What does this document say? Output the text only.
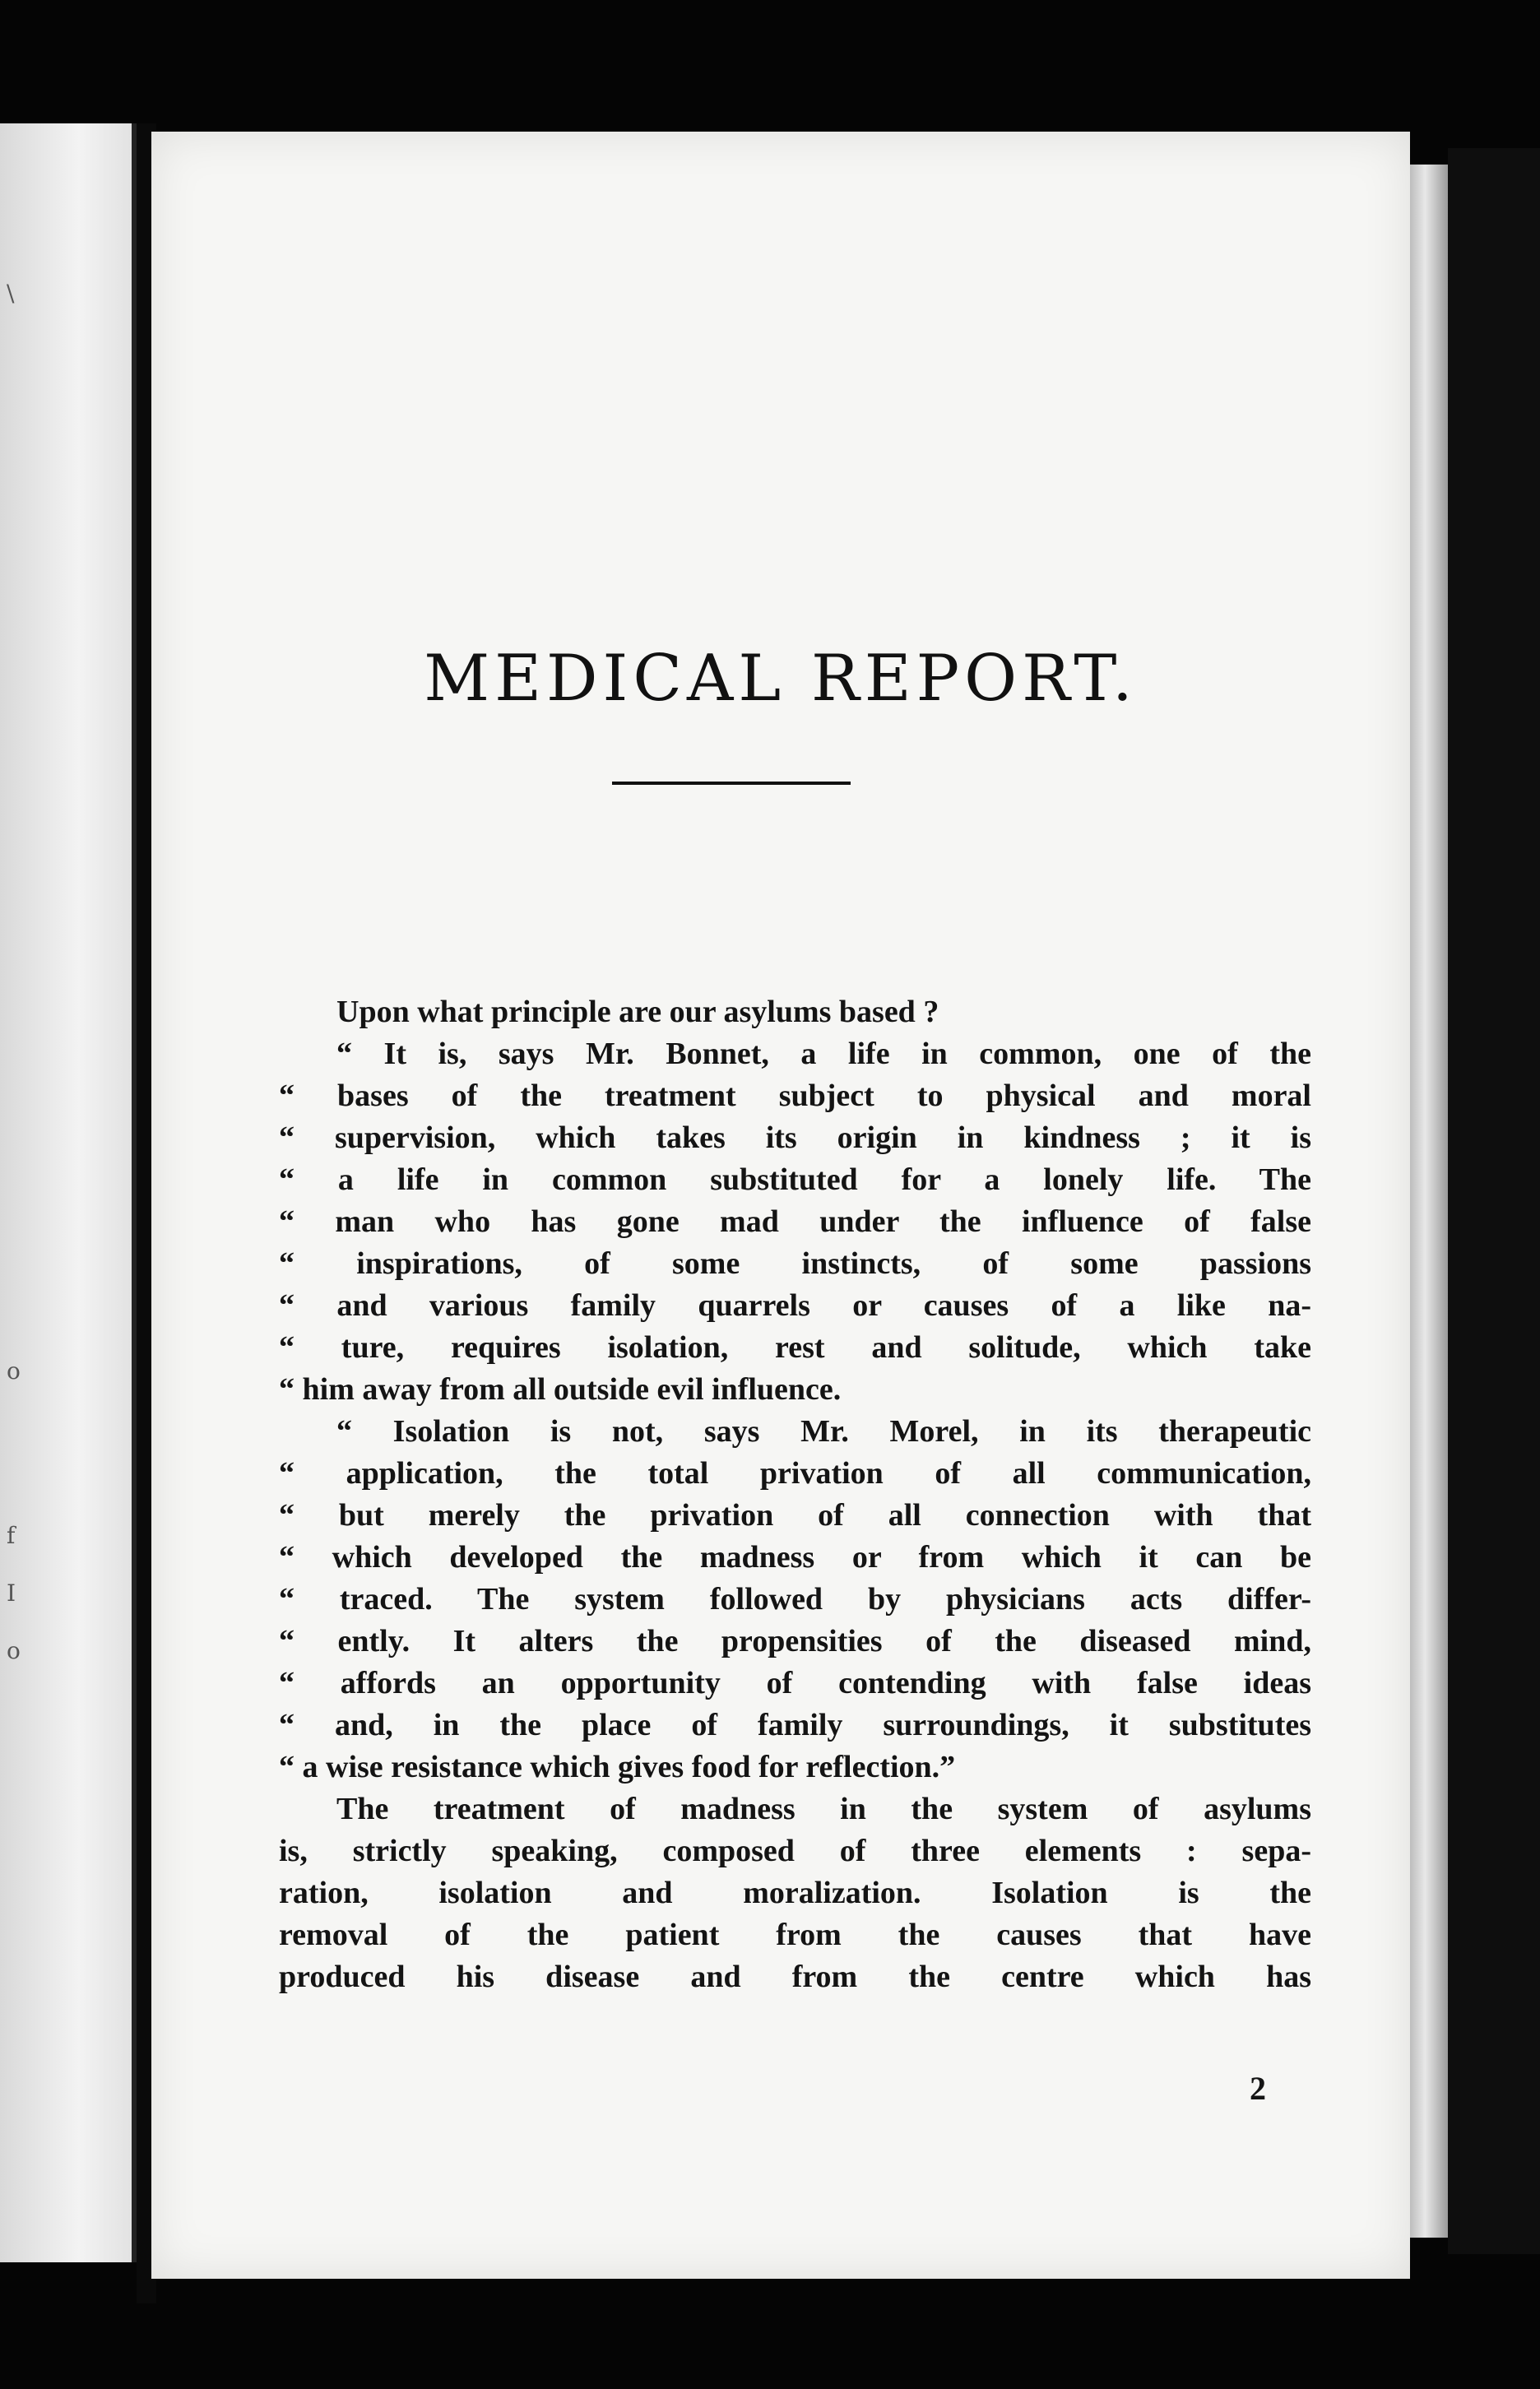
\
o
f
I
o
MEDICAL REPORT.
Upon what principle are our asylums based ?
“ It is, says Mr. Bonnet, a life in common, one of the
“ bases of the treatment subject to physical and moral
“ supervision, which takes its origin in kindness ; it is
“ a life in common substituted for a lonely life. The
“ man who has gone mad under the influence of false
“ inspirations, of some instincts, of some passions
“ and various family quarrels or causes of a like na-
“ ture, requires isolation, rest and solitude, which take
“ him away from all outside evil influence.
“ Isolation is not, says Mr. Morel, in its therapeutic
“ application, the total privation of all communication,
“ but merely the privation of all connection with that
“ which developed the madness or from which it can be
“ traced. The system followed by physicians acts differ-
“ ently. It alters the propensities of the diseased mind,
“ affords an opportunity of contending with false ideas
“ and, in the place of family surroundings, it substitutes
“ a wise resistance which gives food for reflection.”
The treatment of madness in the system of asylums
is, strictly speaking, composed of three elements : sepa-
ration, isolation and moralization. Isolation is the
removal of the patient from the causes that have
produced his disease and from the centre which has
2
